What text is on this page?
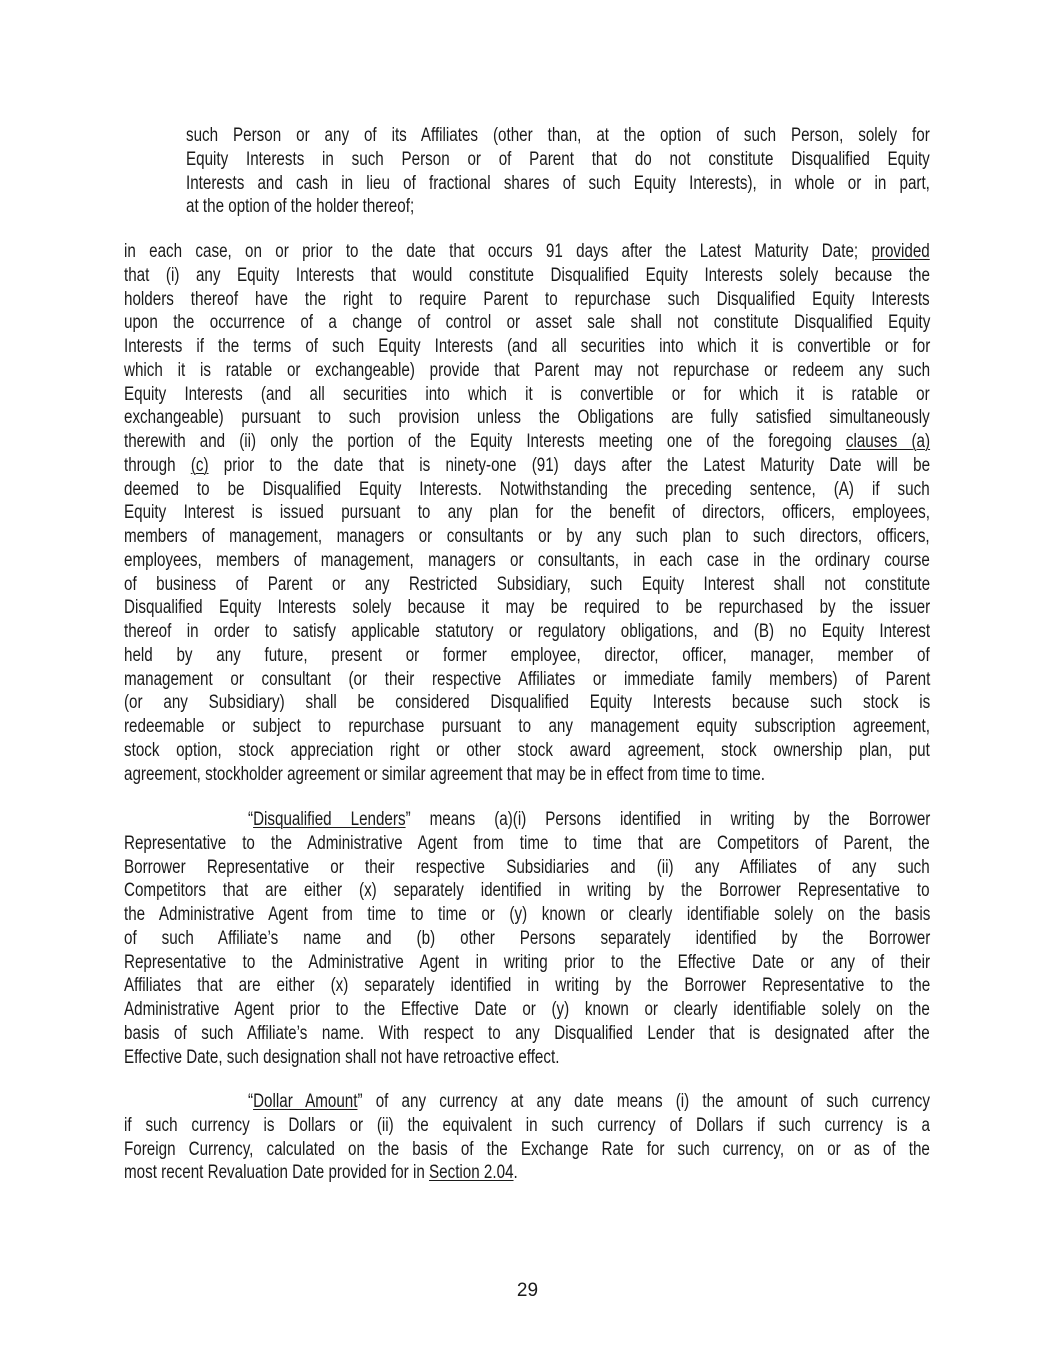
such Person or any of its Affiliates (other than, at the option of such Person, solely for
Equity Interests in such Person or of Parent that do not constitute Disqualified Equity
Interests and cash in lieu of fractional shares of such Equity Interests), in whole or in part,
at the option of the holder thereof;
in each case, on or prior to the date that occurs 91 days after the Latest Maturity Date; provided
that (i) any Equity Interests that would constitute Disqualified Equity Interests solely because the
holders thereof have the right to require Parent to repurchase such Disqualified Equity Interests
upon the occurrence of a change of control or asset sale shall not constitute Disqualified Equity
Interests if the terms of such Equity Interests (and all securities into which it is convertible or for
which it is ratable or exchangeable) provide that Parent may not repurchase or redeem any such
Equity Interests (and all securities into which it is convertible or for which it is ratable or
exchangeable) pursuant to such provision unless the Obligations are fully satisfied simultaneously
therewith and (ii) only the portion of the Equity Interests meeting one of the foregoing clauses (a)
through (c) prior to the date that is ninety-one (91) days after the Latest Maturity Date will be
deemed to be Disqualified Equity Interests. Notwithstanding the preceding sentence, (A) if such
Equity Interest is issued pursuant to any plan for the benefit of directors, officers, employees,
members of management, managers or consultants or by any such plan to such directors, officers,
employees, members of management, managers or consultants, in each case in the ordinary course
of business of Parent or any Restricted Subsidiary, such Equity Interest shall not constitute
Disqualified Equity Interests solely because it may be required to be repurchased by the issuer
thereof in order to satisfy applicable statutory or regulatory obligations, and (B) no Equity Interest
held by any future, present or former employee, director, officer, manager, member of
management or consultant (or their respective Affiliates or immediate family members) of Parent
(or any Subsidiary) shall be considered Disqualified Equity Interests because such stock is
redeemable or subject to repurchase pursuant to any management equity subscription agreement,
stock option, stock appreciation right or other stock award agreement, stock ownership plan, put
agreement, stockholder agreement or similar agreement that may be in effect from time to time.
“Disqualified Lenders” means (a)(i) Persons identified in writing by the Borrower
Representative to the Administrative Agent from time to time that are Competitors of Parent, the
Borrower Representative or their respective Subsidiaries and (ii) any Affiliates of any such
Competitors that are either (x) separately identified in writing by the Borrower Representative to
the Administrative Agent from time to time or (y) known or clearly identifiable solely on the basis
of such Affiliate’s name and (b) other Persons separately identified by the Borrower
Representative to the Administrative Agent in writing prior to the Effective Date or any of their
Affiliates that are either (x) separately identified in writing by the Borrower Representative to the
Administrative Agent prior to the Effective Date or (y) known or clearly identifiable solely on the
basis of such Affiliate’s name. With respect to any Disqualified Lender that is designated after the
Effective Date, such designation shall not have retroactive effect.
“Dollar Amount” of any currency at any date means (i) the amount of such currency
if such currency is Dollars or (ii) the equivalent in such currency of Dollars if such currency is a
Foreign Currency, calculated on the basis of the Exchange Rate for such currency, on or as of the
most recent Revaluation Date provided for in Section 2.04.
29
